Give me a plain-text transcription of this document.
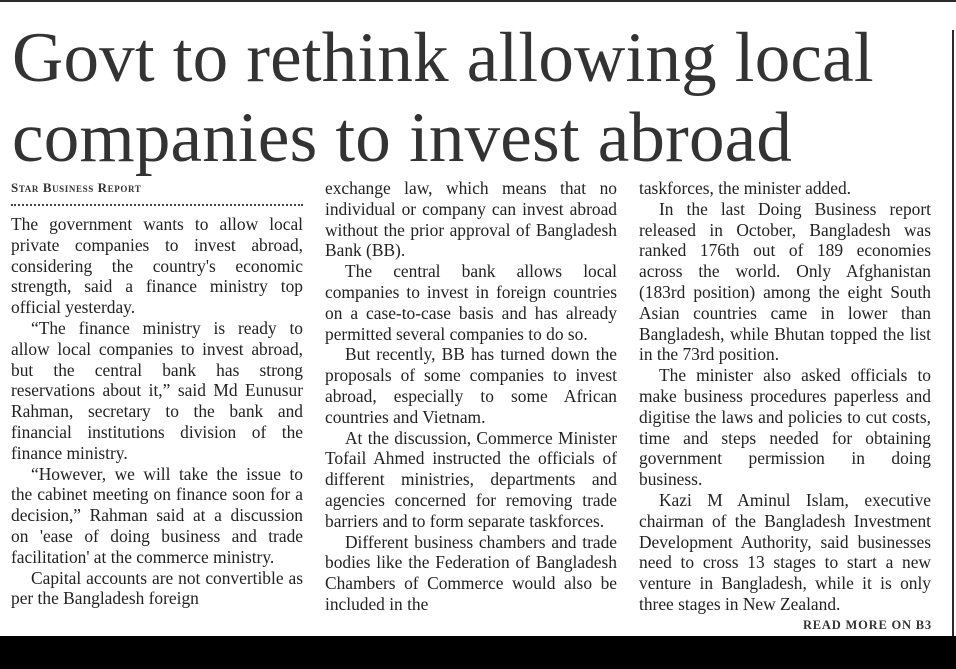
Govt to rethink allowing local companies to invest abroad
Star Business Report

The government wants to allow local private companies to invest abroad, considering the country's economic strength, said a finance ministry top official yesterday.

“The finance ministry is ready to allow local companies to invest abroad, but the central bank has strong reservations about it,” said Md Eunusur Rahman, secretary to the bank and financial institutions division of the finance ministry.

“However, we will take the issue to the cabinet meeting on finance soon for a decision,” Rahman said at a discussion on 'ease of doing business and trade facilitation' at the commerce ministry.

Capital accounts are not convertible as per the Bangladesh foreign

exchange law, which means that no individual or company can invest abroad without the prior approval of Bangladesh Bank (BB).

The central bank allows local companies to invest in foreign countries on a case-to-case basis and has already permitted several companies to do so.

But recently, BB has turned down the proposals of some companies to invest abroad, especially to some African countries and Vietnam.

At the discussion, Commerce Minister Tofail Ahmed instructed the officials of different ministries, departments and agencies concerned for removing trade barriers and to form separate taskforces.

Different business chambers and trade bodies like the Federation of Bangladesh Chambers of Commerce would also be included in the

taskforces, the minister added.

In the last Doing Business report released in October, Bangladesh was ranked 176th out of 189 economies across the world. Only Afghanistan (183rd position) among the eight South Asian countries came in lower than Bangladesh, while Bhutan topped the list in the 73rd position.

The minister also asked officials to make business procedures paperless and digitise the laws and policies to cut costs, time and steps needed for obtaining government permission in doing business.

Kazi M Aminul Islam, executive chairman of the Bangladesh Investment Development Authority, said businesses need to cross 13 stages to start a new venture in Bangladesh, while it is only three stages in New Zealand.

READ MORE ON B3
